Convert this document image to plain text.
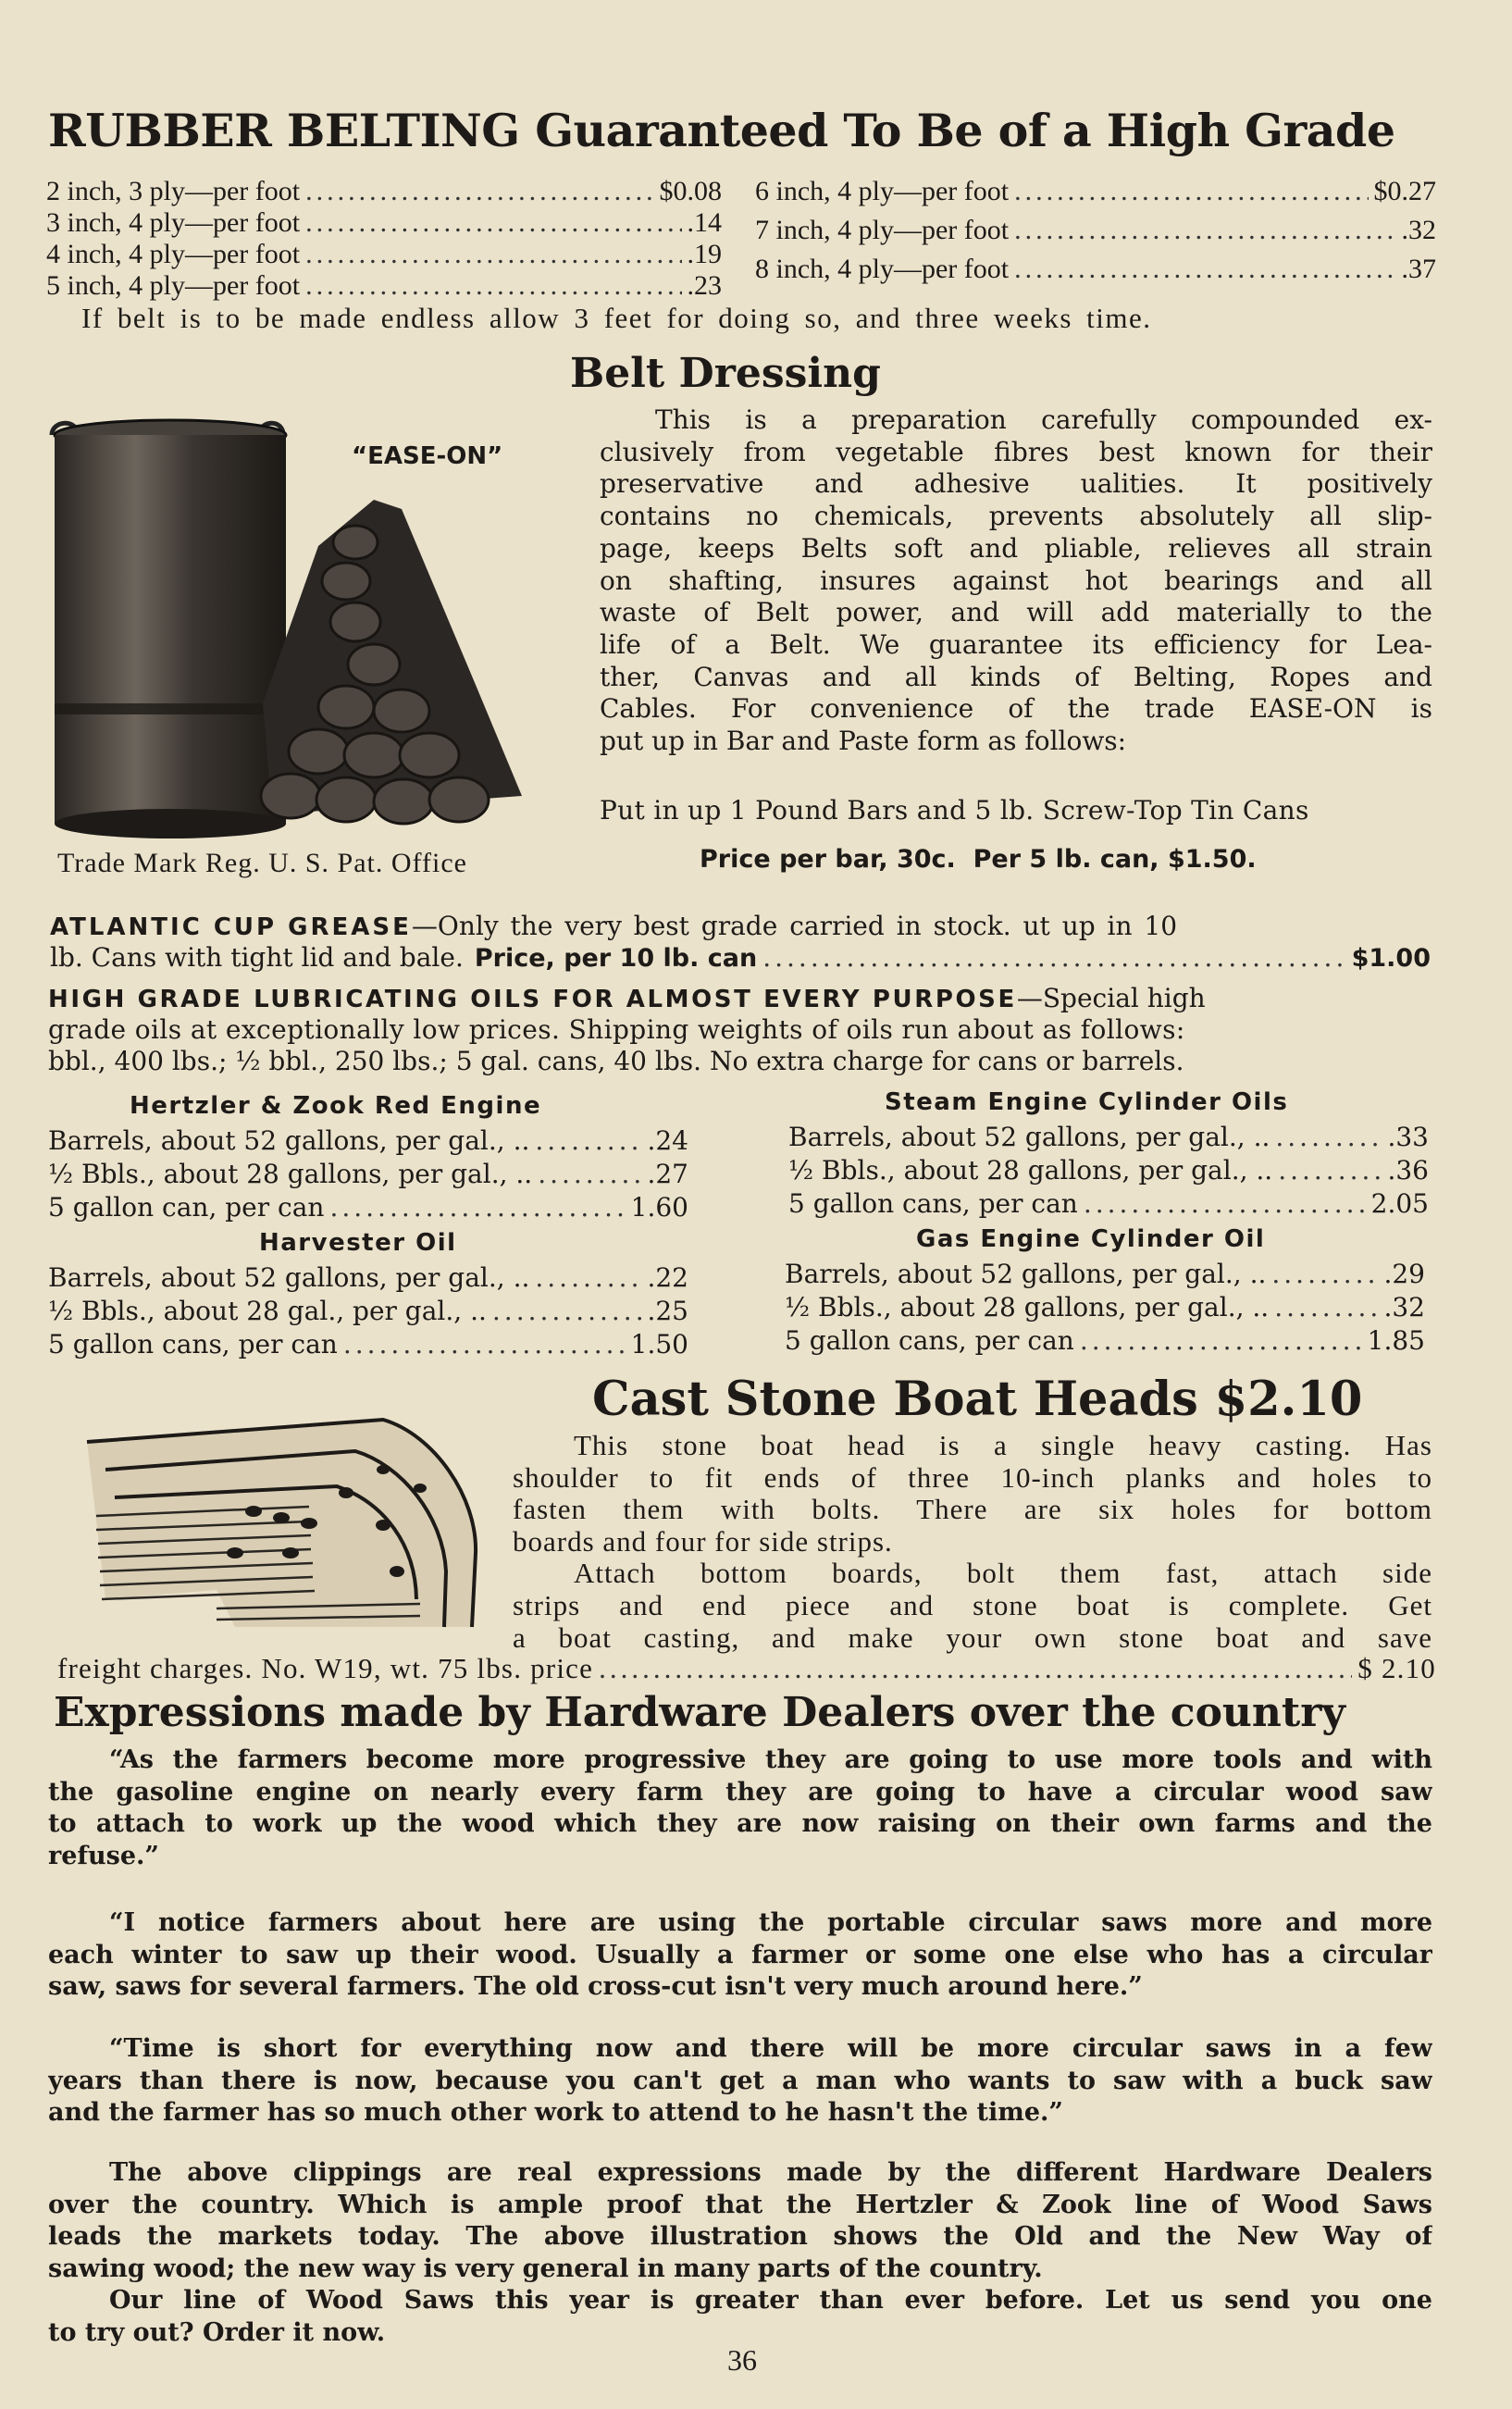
RUBBER BELTING Guaranteed To Be of a High Grade
2 inch, 3 ply—per foot .....	$0.08
3 inch, 4 ply—per foot .....	.14
4 inch, 4 ply—per foot .....	.19
5 inch, 4 ply—per foot .....	.23
6 inch, 4 ply—per foot .....	$0.27
7 inch, 4 ply—per foot .....	.32
8 inch, 4 ply—per foot .....	.37
If belt is to be made endless allow 3 feet for doing so, and three weeks time.
Belt Dressing
“EASE-ON”
This is a preparation carefully compounded ex-
clusively from vegetable fibres best known for their
preservative and adhesive ualities. It positively
contains no chemicals, prevents absolutely all slip-
page, keeps Belts soft and pliable, relieves all strain
on shafting, insures against hot bearings and all
waste of Belt power, and will add materially to the
life of a Belt. We guarantee its efficiency for Lea-
ther, Canvas and all kinds of Belting, Ropes and
Cables. For convenience of the trade EASE-ON is
put up in Bar and Paste form as follows:
Put in up 1 Pound Bars and 5 lb. Screw-Top Tin Cans
Trade Mark Reg. U. S. Pat. Office	Price per bar, 30c.  Per 5 lb. can, $1.50.
ATLANTIC CUP GREASE—Only the very best grade carried in stock. ut up in 10
lb. Cans with tight lid and bale. Price, per 10 lb. can .....	$1.00
HIGH GRADE LUBRICATING OILS FOR ALMOST EVERY PURPOSE—Special high
grade oils at exceptionally low prices. Shipping weights of oils run about as follows:
bbl., 400 lbs.; ½ bbl., 250 lbs.; 5 gal. cans, 40 lbs. No extra charge for cans or barrels.
Hertzler & Zook Red Engine
Barrels, about 52 gallons, per gal., .. .....	.24
½ Bbls., about 28 gallons, per gal., .. .....	.27
5 gallon can, per can .....	1.60
Steam Engine Cylinder Oils
Barrels, about 52 gallons, per gal., .. .....	.33
½ Bbls., about 28 gallons, per gal., .. .....	.36
5 gallon cans, per can .....	2.05
Harvester Oil
Barrels, about 52 gallons, per gal., .. .....	.22
½ Bbls., about 28 gal., per gal., .. .....	.25
5 gallon cans, per can .....	1.50
Gas Engine Cylinder Oil
Barrels, about 52 gallons, per gal., .. .....	.29
½ Bbls., about 28 gallons, per gal., .. .....	.32
5 gallon cans, per can .....	1.85
Cast Stone Boat Heads $2.10
This stone boat head is a single heavy casting. Has
shoulder to fit ends of three 10-inch planks and holes to
fasten them with bolts. There are six holes for bottom
boards and four for side strips.
Attach bottom boards, bolt them fast, attach side
strips and end piece and stone boat is complete. Get
a boat casting, and make your own stone boat and save
freight charges. No. W19, wt. 75 lbs. price .....	$ 2.10
Expressions made by Hardware Dealers over the country
“As the farmers become more progressive they are going to use more tools and with
the gasoline engine on nearly every farm they are going to have a circular wood saw
to attach to work up the wood which they are now raising on their own farms and the
refuse.”
“I notice farmers about here are using the portable circular saws more and more
each winter to saw up their wood. Usually a farmer or some one else who has a circular
saw, saws for several farmers. The old cross-cut isn't very much around here.”
“Time is short for everything now and there will be more circular saws in a few
years than there is now, because you can't get a man who wants to saw with a buck saw
and the farmer has so much other work to attend to he hasn't the time.”
The above clippings are real expressions made by the different Hardware Dealers
over the country. Which is ample proof that the Hertzler & Zook line of Wood Saws
leads the markets today. The above illustration shows the Old and the New Way of
sawing wood; the new way is very general in many parts of the country.
Our line of Wood Saws this year is greater than ever before. Let us send you one
to try out? Order it now.
36
